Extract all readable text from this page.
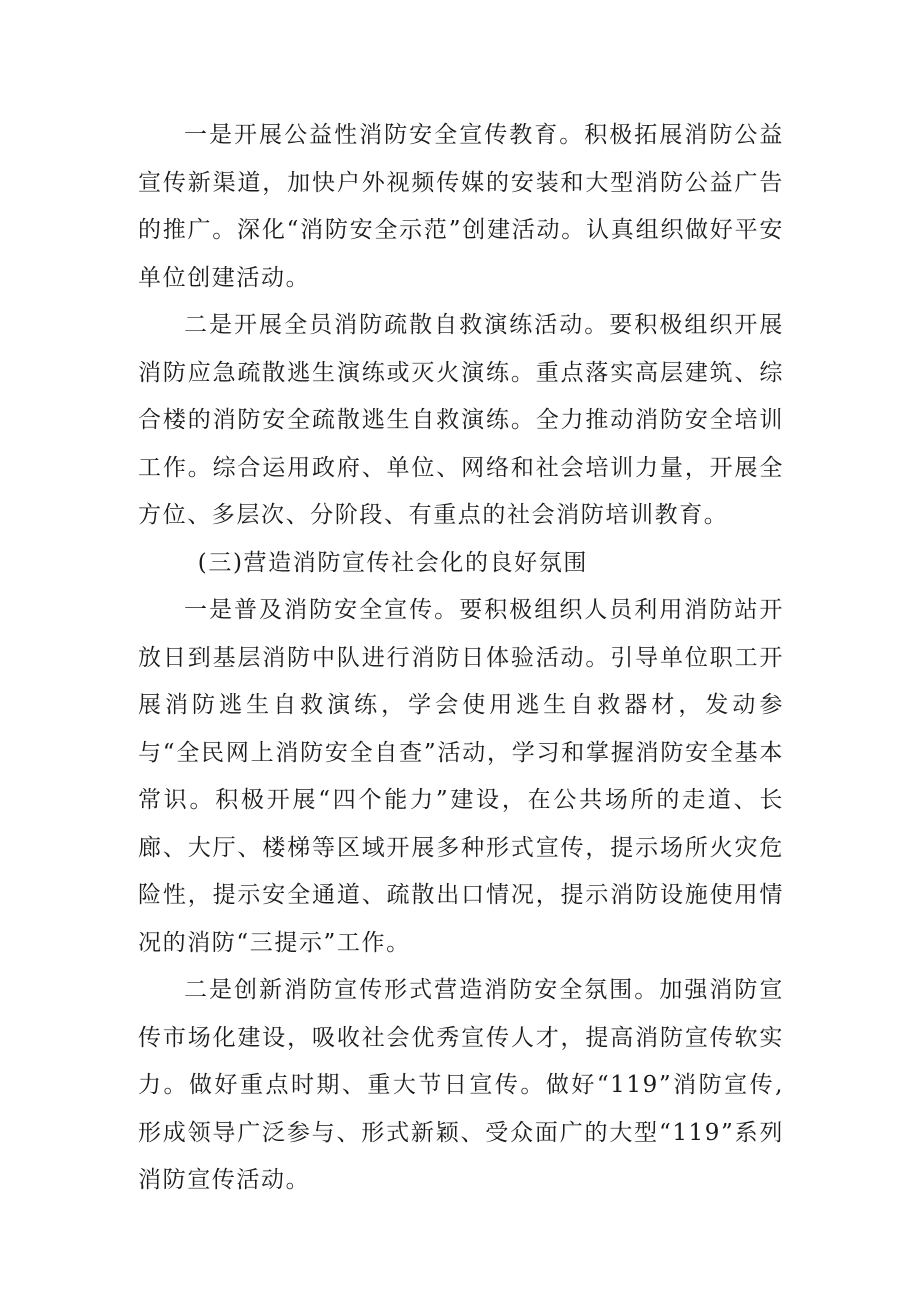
一是开展公益性消防安全宣传教育。积极拓展消防公益宣传新渠道，加快户外视频传媒的安装和大型消防公益广告的推广。深化“消防安全示范”创建活动。认真组织做好平安单位创建活动。

二是开展全员消防疏散自救演练活动。要积极组织开展消防应急疏散逃生演练或灭火演练。重点落实高层建筑、综合楼的消防安全疏散逃生自救演练。全力推动消防安全培训工作。综合运用政府、单位、网络和社会培训力量，开展全方位、多层次、分阶段、有重点的社会消防培训教育。

(三)营造消防宣传社会化的良好氛围

一是普及消防安全宣传。要积极组织人员利用消防站开放日到基层消防中队进行消防日体验活动。引导单位职工开展消防逃生自救演练，学会使用逃生自救器材，发动参与“全民网上消防安全自查”活动，学习和掌握消防安全基本常识。积极开展“四个能力”建设，在公共场所的走道、长廊、大厅、楼梯等区域开展多种形式宣传，提示场所火灾危险性，提示安全通道、疏散出口情况，提示消防设施使用情况的消防“三提示”工作。

二是创新消防宣传形式营造消防安全氛围。加强消防宣传市场化建设，吸收社会优秀宣传人才，提高消防宣传软实力。做好重点时期、重大节日宣传。做好“119”消防宣传,形成领导广泛参与、形式新颖、受众面广的大型“119”系列消防宣传活动。
